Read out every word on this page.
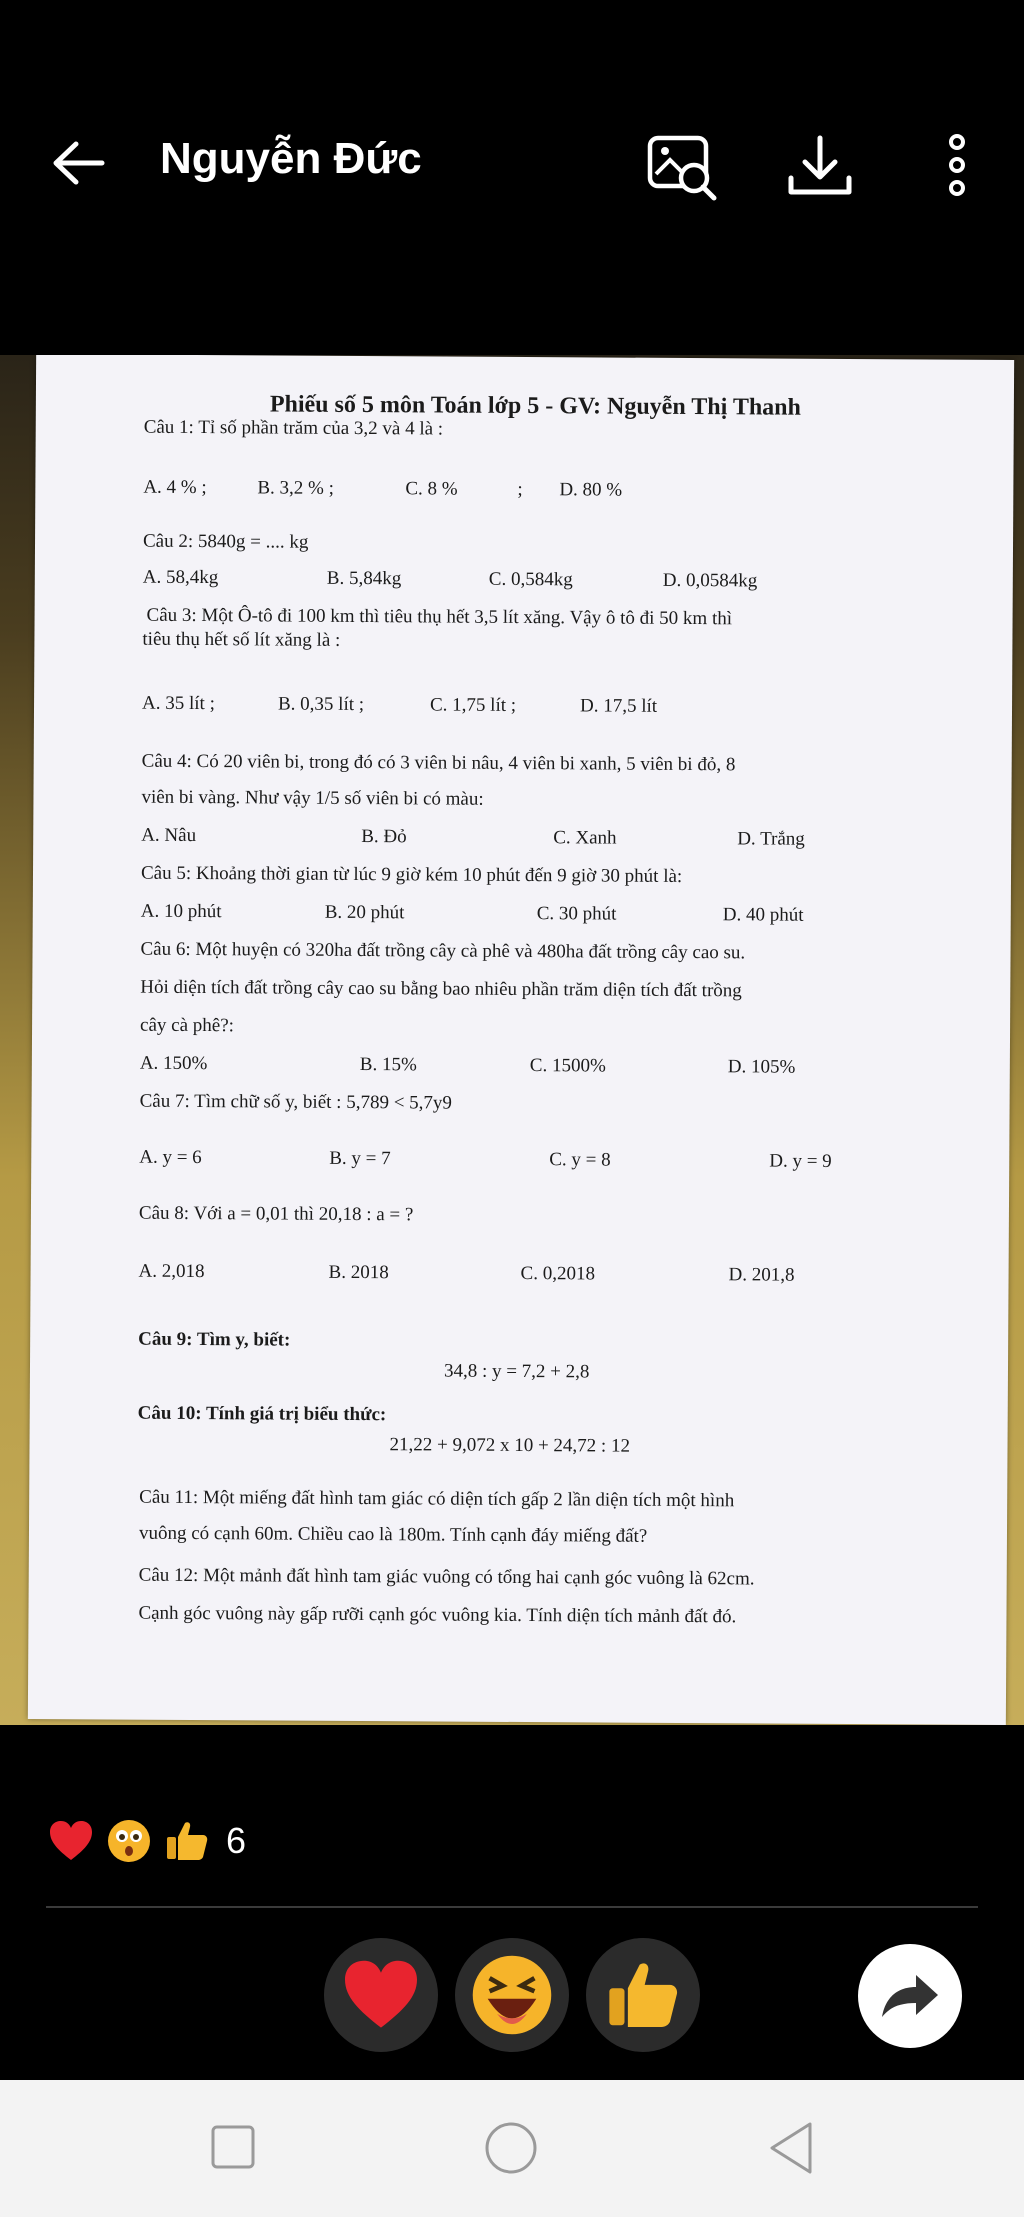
Nguyễn Đức
Phiếu số 5 môn Toán lớp 5 - GV: Nguyễn Thị Thanh
Câu 1: Tỉ số phần trăm của 3,2 và 4 là :
A. 4 % ;	B. 3,2 % ;	C. 8 %	; D. 80 %
Câu 2: 5840g = .... kg
A. 58,4kg	B. 5,84kg	C. 0,584kg	D. 0,0584kg
Câu 3: Một Ô-tô đi 100 km thì tiêu thụ hết 3,5 lít xăng. Vậy ô tô đi 50 km thì
tiêu thụ hết số lít xăng là :
A. 35 lít ;	B. 0,35 lít ;	C. 1,75 lít ;	D. 17,5 lít
Câu 4: Có 20 viên bi, trong đó có 3 viên bi nâu, 4 viên bi xanh, 5 viên bi đỏ, 8
viên bi vàng. Như vậy 1/5 số viên bi có màu:
A. Nâu	B. Đỏ	C. Xanh	D. Trắng
Câu 5: Khoảng thời gian từ lúc 9 giờ kém 10 phút đến 9 giờ 30 phút là:
A. 10 phút	B. 20 phút	C. 30 phút	D. 40 phút
Câu 6: Một huyện có 320ha đất trồng cây cà phê và 480ha đất trồng cây cao su.
Hỏi diện tích đất trồng cây cao su bằng bao nhiêu phần trăm diện tích đất trồng
cây cà phê?:
A. 150%	B. 15%	C. 1500%	D. 105%
Câu 7: Tìm chữ số y, biết : 5,789 < 5,7y9
A. y = 6	B. y = 7	C. y = 8	D. y = 9
Câu 8: Với a = 0,01 thì 20,18 : a = ?
A. 2,018	B. 2018	C. 0,2018	D. 201,8
Câu 9: Tìm y, biết:
34,8 : y = 7,2 + 2,8
Câu 10: Tính giá trị biểu thức:
21,22 + 9,072 x 10 + 24,72 : 12
Câu 11: Một miếng đất hình tam giác có diện tích gấp 2 lần diện tích một hình
vuông có cạnh 60m. Chiều cao là 180m. Tính cạnh đáy miếng đất?
Câu 12: Một mảnh đất hình tam giác vuông có tổng hai cạnh góc vuông là 62cm.
Cạnh góc vuông này gấp rưỡi cạnh góc vuông kia. Tính diện tích mảnh đất đó.
6
